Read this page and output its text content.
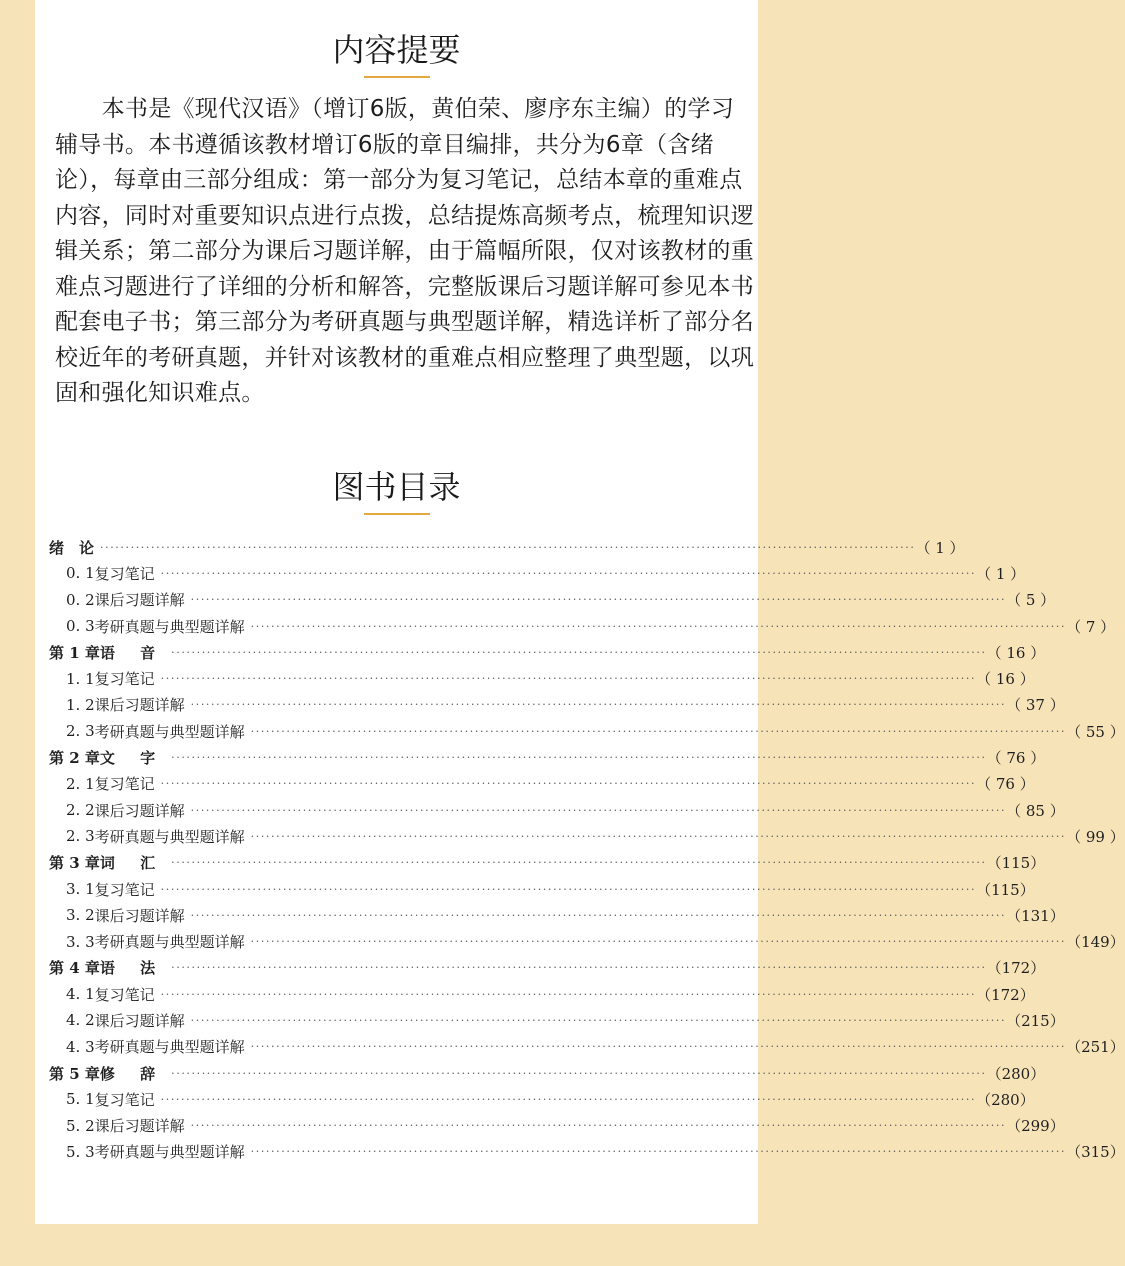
内容提要

　　本书是《现代汉语》（增订6版，黄伯荣、廖序东主编）的学习辅导书。本书遵循该教材增订6版的章目编排，共分为6章（含绪论），每章由三部分组成：第一部分为复习笔记，总结本章的重难点内容，同时对重要知识点进行点拨，总结提炼高频考点，梳理知识逻辑关系；第二部分为课后习题详解，由于篇幅所限，仅对该教材的重难点习题进行了详细的分析和解答，完整版课后习题详解可参见本书配套电子书；第三部分为考研真题与典型题详解，精选详析了部分名校近年的考研真题，并针对该教材的重难点相应整理了典型题，以巩固和强化知识难点。

图书目录
绪　论 ································································································································································ （ 1 ）
0. 1 复习笔记 ································································································································································ （ 1 ）
0. 2 课后习题详解 ································································································································································ （ 5 ）
0. 3 考研真题与典型题详解 ································································································································································ （ 7 ）
第 1 章 语 音 ································································································································································ （ 16 ）
1. 1 复习笔记 ································································································································································ （ 16 ）
1. 2 课后习题详解 ································································································································································ （ 37 ）
2. 3 考研真题与典型题详解 ································································································································································ （ 55 ）
第 2 章 文 字 ································································································································································ （ 76 ）
2. 1 复习笔记 ································································································································································ （ 76 ）
2. 2 课后习题详解 ································································································································································ （ 85 ）
2. 3 考研真题与典型题详解 ································································································································································ （ 99 ）
第 3 章 词 汇 ································································································································································ （115）
3. 1 复习笔记 ································································································································································ （115）
3. 2 课后习题详解 ································································································································································ （131）
3. 3 考研真题与典型题详解 ································································································································································ （149）
第 4 章 语 法 ································································································································································ （172）
4. 1 复习笔记 ································································································································································ （172）
4. 2 课后习题详解 ································································································································································ （215）
4. 3 考研真题与典型题详解 ································································································································································ （251）
第 5 章 修 辞 ································································································································································ （280）
5. 1 复习笔记 ································································································································································ （280）
5. 2 课后习题详解 ································································································································································ （299）
5. 3 考研真题与典型题详解 ································································································································································ （315）
